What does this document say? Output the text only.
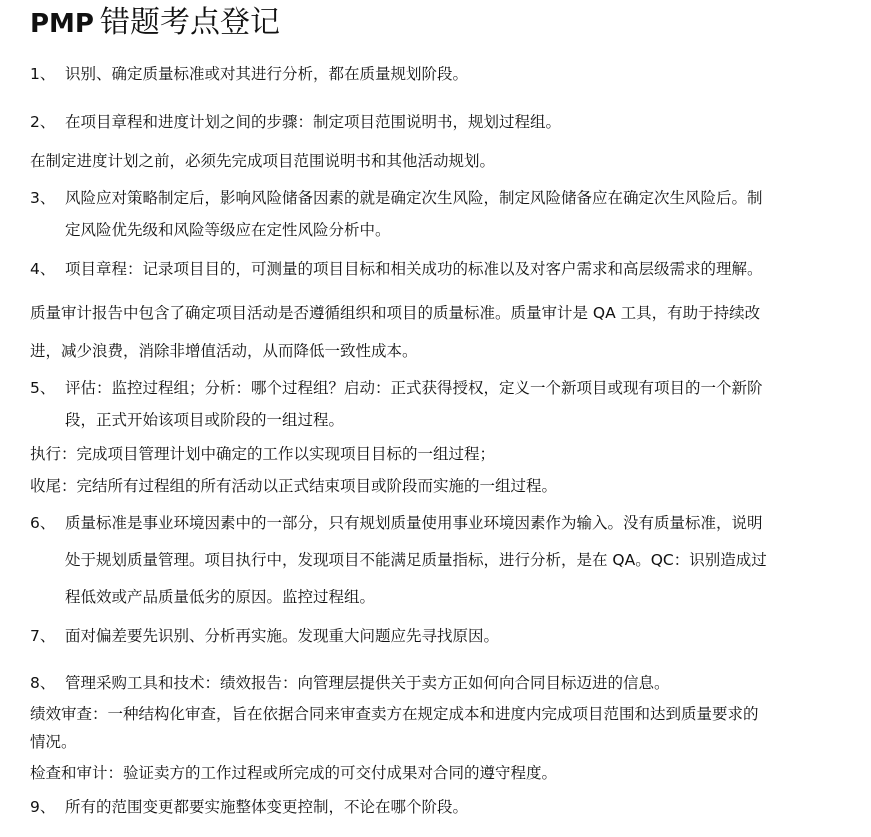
PMP 错题考点登记
1、 识别、确定质量标准或对其进行分析，都在质量规划阶段。
2、 在项目章程和进度计划之间的步骤：制定项目范围说明书，规划过程组。
在制定进度计划之前，必须先完成项目范围说明书和其他活动规划。
3、 风险应对策略制定后，影响风险储备因素的就是确定次生风险，制定风险储备应在确定次生风险后。制
定风险优先级和风险等级应在定性风险分析中。
4、 项目章程：记录项目目的，可测量的项目目标和相关成功的标准以及对客户需求和高层级需求的理解。
质量审计报告中包含了确定项目活动是否遵循组织和项目的质量标准。质量审计是 QA 工具，有助于持续改
进，减少浪费，消除非增值活动，从而降低一致性成本。
5、 评估：监控过程组；分析：哪个过程组？启动：正式获得授权，定义一个新项目或现有项目的一个新阶
段，正式开始该项目或阶段的一组过程。
执行：完成项目管理计划中确定的工作以实现项目目标的一组过程；
收尾：完结所有过程组的所有活动以正式结束项目或阶段而实施的一组过程。
6、 质量标准是事业环境因素中的一部分，只有规划质量使用事业环境因素作为输入。没有质量标准，说明
处于规划质量管理。项目执行中，发现项目不能满足质量指标，进行分析，是在 QA。QC：识别造成过
程低效或产品质量低劣的原因。监控过程组。
7、 面对偏差要先识别、分析再实施。发现重大问题应先寻找原因。
8、 管理采购工具和技术：绩效报告：向管理层提供关于卖方正如何向合同目标迈进的信息。
绩效审查：一种结构化审查，旨在依据合同来审查卖方在规定成本和进度内完成项目范围和达到质量要求的
情况。
检查和审计：验证卖方的工作过程或所完成的可交付成果对合同的遵守程度。
9、 所有的范围变更都要实施整体变更控制，不论在哪个阶段。
